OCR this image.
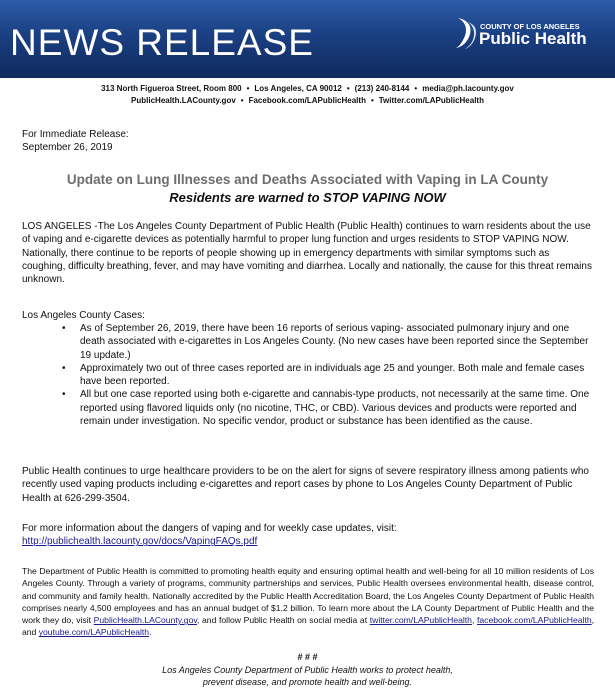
NEWS RELEASE	COUNTY OF LOS ANGELES
Public Health
313 North Figueroa Street, Room 800 • Los Angeles, CA 90012 • (213) 240-8144 • media@ph.lacounty.gov
PublicHealth.LACounty.gov • Facebook.com/LAPublicHealth • Twitter.com/LAPublicHealth
For Immediate Release:
September 26, 2019
Update on Lung Illnesses and Deaths Associated with Vaping in LA County
Residents are warned to STOP VAPING NOW
LOS ANGELES -The Los Angeles County Department of Public Health (Public Health) continues to warn residents about the use of vaping and e-cigarette devices as potentially harmful to proper lung function and urges residents to STOP VAPING NOW. Nationally, there continue to be reports of people showing up in emergency departments with similar symptoms such as coughing, difficulty breathing, fever, and may have vomiting and diarrhea. Locally and nationally, the cause for this threat remains unknown.
Los Angeles County Cases:
• As of September 26, 2019, there have been 16 reports of serious vaping- associated pulmonary injury and one death associated with e-cigarettes in Los Angeles County. (No new cases have been reported since the September 19 update.)
• Approximately two out of three cases reported are in individuals age 25 and younger. Both male and female cases have been reported.
• All but one case reported using both e-cigarette and cannabis-type products, not necessarily at the same time. One reported using flavored liquids only (no nicotine, THC, or CBD). Various devices and products were reported and remain under investigation. No specific vendor, product or substance has been identified as the cause.
Public Health continues to urge healthcare providers to be on the alert for signs of severe respiratory illness among patients who recently used vaping products including e-cigarettes and report cases by phone to Los Angeles County Department of Public Health at 626-299-3504.
For more information about the dangers of vaping and for weekly case updates, visit:
http://publichealth.lacounty.gov/docs/VapingFAQs.pdf
The Department of Public Health is committed to promoting health equity and ensuring optimal health and well-being for all 10 million residents of Los Angeles County. Through a variety of programs, community partnerships and services, Public Health oversees environmental health, disease control, and community and family health. Nationally accredited by the Public Health Accreditation Board, the Los Angeles County Department of Public Health comprises nearly 4,500 employees and has an annual budget of $1.2 billion. To learn more about the LA County Department of Public Health and the work they do, visit PublicHealth.LACounty.gov, and follow Public Health on social media at twitter.com/LAPublicHealth, facebook.com/LAPublicHealth, and youtube.com/LAPublicHealth.
# # #
Los Angeles County Department of Public Health works to protect health,
prevent disease, and promote health and well-being.
